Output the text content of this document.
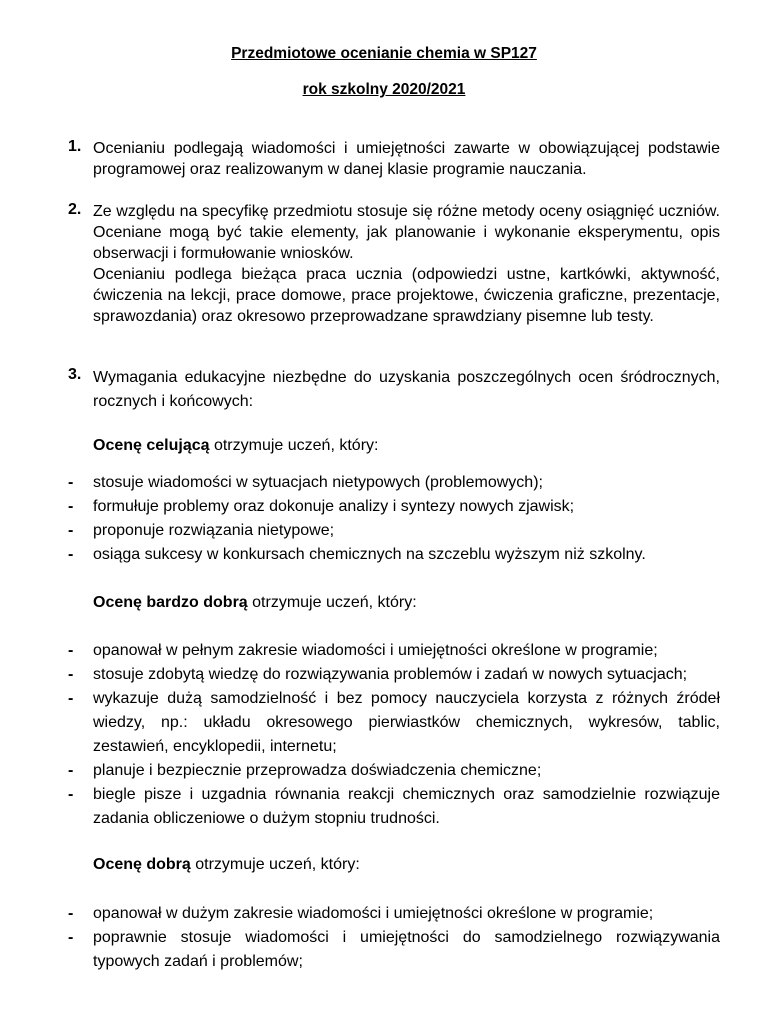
Przedmiotowe ocenianie chemia w SP127
rok szkolny 2020/2021
1. Ocenianiu podlegają wiadomości i umiejętności zawarte w obowiązującej podstawie programowej oraz realizowanym w danej klasie programie nauczania.

2. Ze względu na specyfikę przedmiotu stosuje się różne metody oceny osiągnięć uczniów. Oceniane mogą być takie elementy, jak planowanie i wykonanie eksperymentu, opis obserwacji i formułowanie wniosków.

Ocenianiu podlega bieżąca praca ucznia (odpowiedzi ustne, kartkówki, aktywność, ćwiczenia na lekcji, prace domowe, prace projektowe, ćwiczenia graficzne, prezentacje, sprawozdania) oraz okresowo przeprowadzane sprawdziany pisemne lub testy.

3. Wymagania edukacyjne niezbędne do uzyskania poszczególnych ocen śródrocznych, rocznych i końcowych:

Ocenę celującą otrzymuje uczeń, który:
- stosuje wiadomości w sytuacjach nietypowych (problemowych);
- formułuje problemy oraz dokonuje analizy i syntezy nowych zjawisk;
- proponuje rozwiązania nietypowe;
- osiąga sukcesy w konkursach chemicznych na szczeblu wyższym niż szkolny.
Ocenę bardzo dobrą otrzymuje uczeń, który:
- opanował w pełnym zakresie wiadomości i umiejętności określone w programie;
- stosuje zdobytą wiedzę do rozwiązywania problemów i zadań w nowych sytuacjach;
- wykazuje dużą samodzielność i bez pomocy nauczyciela korzysta z różnych źródeł wiedzy, np.: układu okresowego pierwiastków chemicznych, wykresów, tablic, zestawień, encyklopedii, internetu;
- planuje i bezpiecznie przeprowadza doświadczenia chemiczne;
- biegle pisze i uzgadnia równania reakcji chemicznych oraz samodzielnie rozwiązuje zadania obliczeniowe o dużym stopniu trudności.
Ocenę dobrą otrzymuje uczeń, który:
- opanował w dużym zakresie wiadomości i umiejętności określone w programie;
- poprawnie stosuje wiadomości i umiejętności do samodzielnego rozwiązywania typowych zadań i problemów;
